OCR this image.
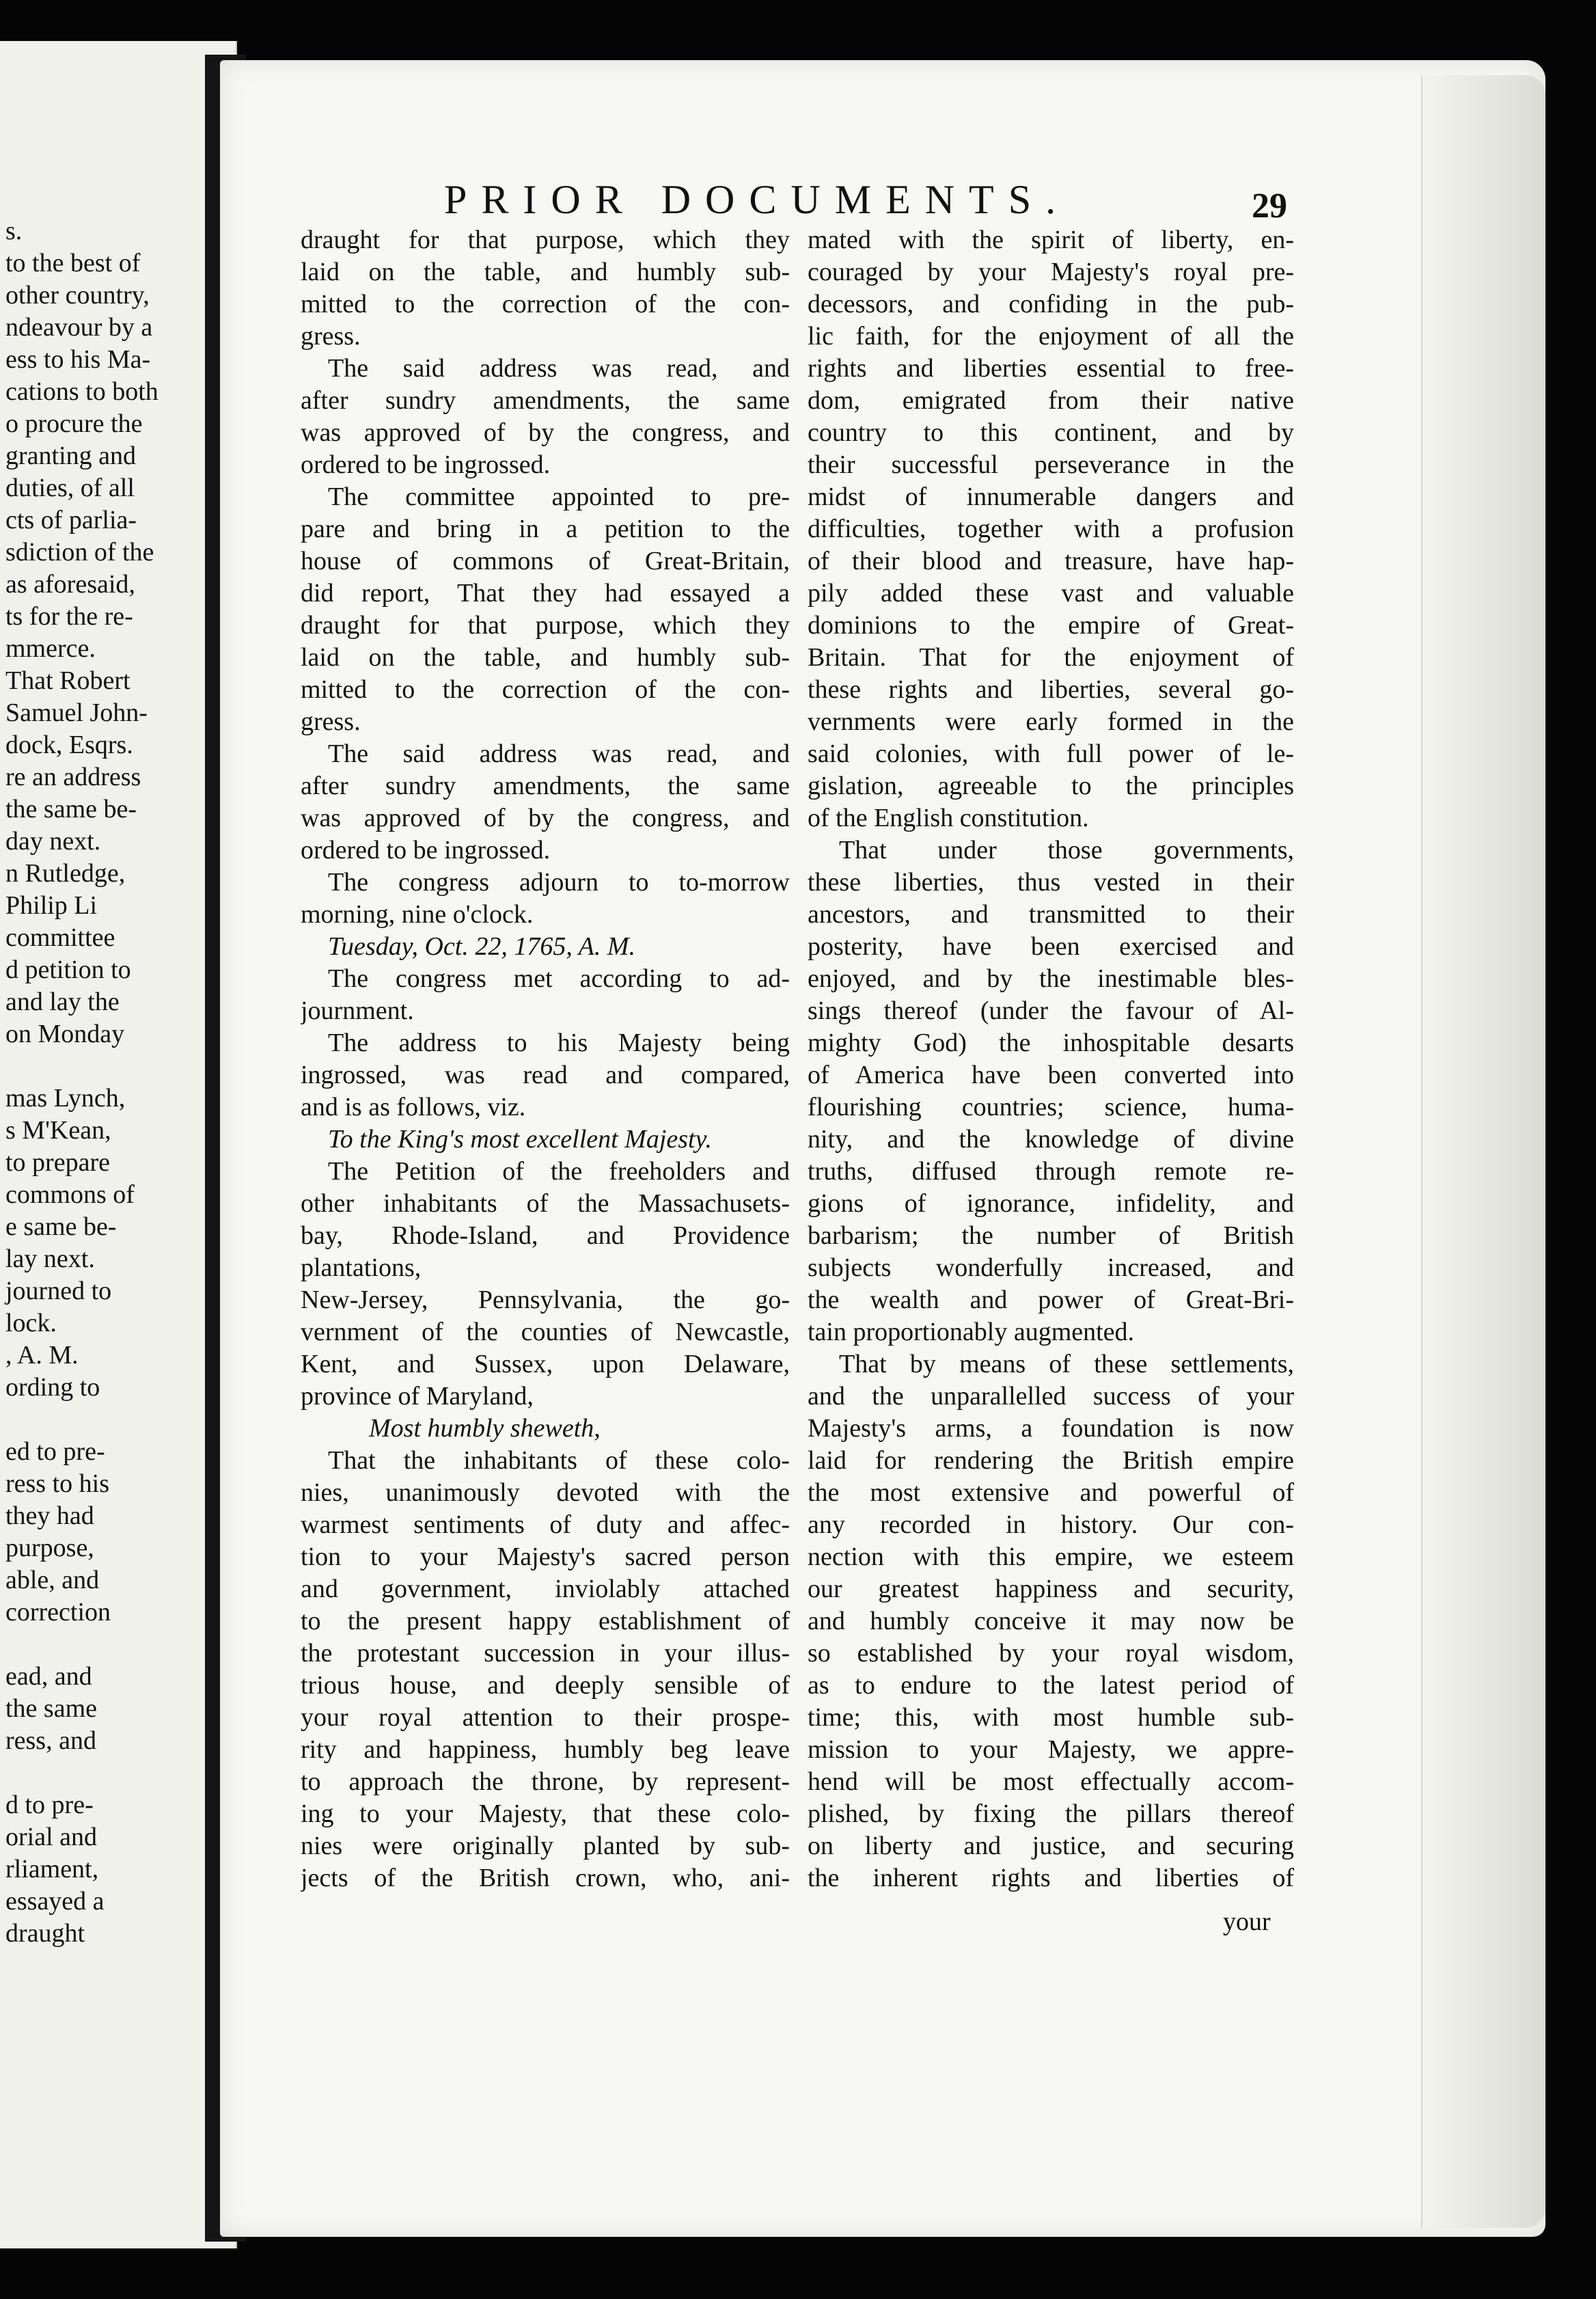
s.
to the best of
other country,
ndeavour by a
ess to his Ma-
cations to both
o procure the
granting and
duties, of all
cts of parlia-
sdiction of the
as aforesaid,
ts for the re-
mmerce.
That Robert
Samuel John-
dock, Esqrs.
re an address
the same be-
day next.
n Rutledge,
Philip Li
committee
d petition to
and lay the
on Monday
mas Lynch,
s M'Kean,
to prepare
commons of
e same be-
lay next.
journed to
lock.
, A. M.
ording to
ed to pre-
ress to his
they had
purpose,
able, and
correction
ead, and
the same
ress, and
d to pre-
orial and
rliament,
essayed a
draught
PRIOR DOCUMENTS.	29
draught for that purpose, which they
laid on the table, and humbly sub-
mitted to the correction of the con-
gress.
The said address was read, and
after sundry amendments, the same
was approved of by the congress, and
ordered to be ingrossed.
The committee appointed to pre-
pare and bring in a petition to the
house of commons of Great-Britain,
did report, That they had essayed a
draught for that purpose, which they
laid on the table, and humbly sub-
mitted to the correction of the con-
gress.
The said address was read, and
after sundry amendments, the same
was approved of by the congress, and
ordered to be ingrossed.
The congress adjourn to to-morrow
morning, nine o'clock.
Tuesday, Oct. 22, 1765, A. M.
The congress met according to ad-
journment.
The address to his Majesty being
ingrossed, was read and compared,
and is as follows, viz.
To the King's most excellent Majesty.
The Petition of the freeholders and
other inhabitants of the Massachusets-
bay, Rhode-Island, and Providence
plantations,
New-Jersey, Pennsylvania, the go-
vernment of the counties of Newcastle,
Kent, and Sussex, upon Delaware,
province of Maryland,
Most humbly sheweth,
That the inhabitants of these colo-
nies, unanimously devoted with the
warmest sentiments of duty and affec-
tion to your Majesty's sacred person
and government, inviolably attached
to the present happy establishment of
the protestant succession in your illus-
trious house, and deeply sensible of
your royal attention to their prospe-
rity and happiness, humbly beg leave
to approach the throne, by represent-
ing to your Majesty, that these colo-
nies were originally planted by sub-
jects of the British crown, who, ani-
mated with the spirit of liberty, en-
couraged by your Majesty's royal pre-
decessors, and confiding in the pub-
lic faith, for the enjoyment of all the
rights and liberties essential to free-
dom, emigrated from their native
country to this continent, and by
their successful perseverance in the
midst of innumerable dangers and
difficulties, together with a profusion
of their blood and treasure, have hap-
pily added these vast and valuable
dominions to the empire of Great-
Britain. That for the enjoyment of
these rights and liberties, several go-
vernments were early formed in the
said colonies, with full power of le-
gislation, agreeable to the principles
of the English constitution.
That under those governments,
these liberties, thus vested in their
ancestors, and transmitted to their
posterity, have been exercised and
enjoyed, and by the inestimable bles-
sings thereof (under the favour of Al-
mighty God) the inhospitable desarts
of America have been converted into
flourishing countries; science, huma-
nity, and the knowledge of divine
truths, diffused through remote re-
gions of ignorance, infidelity, and
barbarism; the number of British
subjects wonderfully increased, and
the wealth and power of Great-Bri-
tain proportionably augmented.
That by means of these settlements,
and the unparallelled success of your
Majesty's arms, a foundation is now
laid for rendering the British empire
the most extensive and powerful of
any recorded in history. Our con-
nection with this empire, we esteem
our greatest happiness and security,
and humbly conceive it may now be
so established by your royal wisdom,
as to endure to the latest period of
time; this, with most humble sub-
mission to your Majesty, we appre-
hend will be most effectually accom-
plished, by fixing the pillars thereof
on liberty and justice, and securing
the inherent rights and liberties of
your
